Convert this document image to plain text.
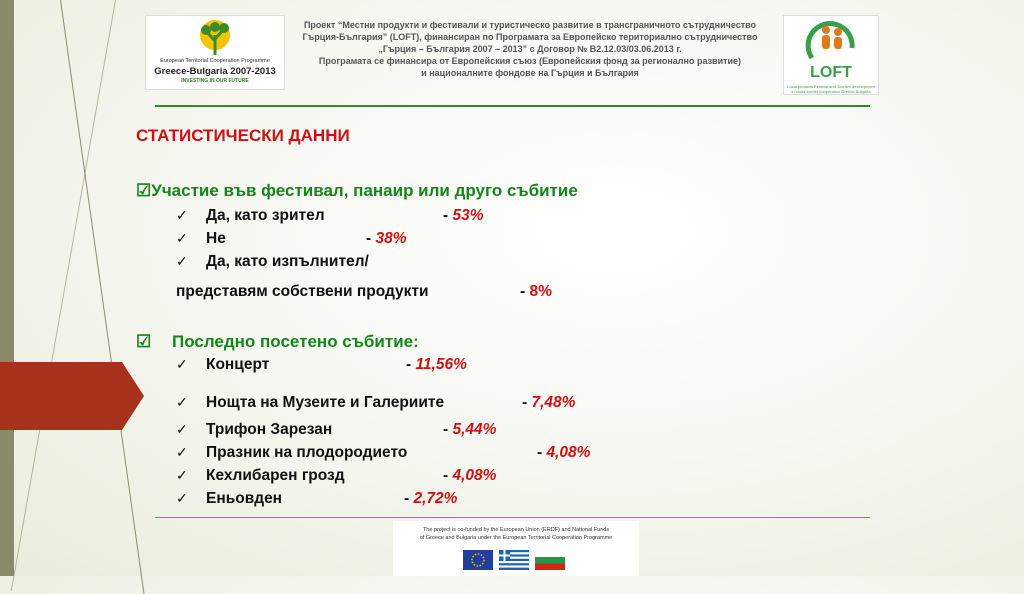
European Territorial Cooperation Programme
Greece-Bulgaria 2007-2013
INVESTING IN OUR FUTURE
Проект “Местни продукти и фестивали и туристическо развитие в трансграничното сътрудничество
Гърция-България” (LOFT), финансиран по Програмата за Европейско териториално сътрудничество
„Гърция – България 2007 – 2013” с Договор № B2.12.03/03.06.2013 г.
Програмата се финансира от Европейския съюз (Европейския фонд за регионално развитие)
и националните фондове на Гърция и България	LOFT
Local products Festival and Tourism development in cross-border cooperation Greece-Bulgaria
СТАТИСТИЧЕСКИ ДАННИ
☑Участие във фестивал, панаир или друго събитие
✓ Да, като зрител	- 53%
✓ Не	- 38%
✓ Да, като изпълнител/
представям собствени продукти	- 8%
☑ Последно посетено събитие:
✓ Концерт	- 11,56%
✓ Нощта на Музеите и Галериите	- 7,48%
✓ Трифон Зарезан	- 5,44%
✓ Празник на плодородието	- 4,08%
✓ Кехлибарен грозд	- 4,08%
✓ Еньовден	- 2,72%
The project is co-funded by the European Union (ERDF) and National Funds
of Greece and Bulgaria under the European Territorial Cooperation Programme
